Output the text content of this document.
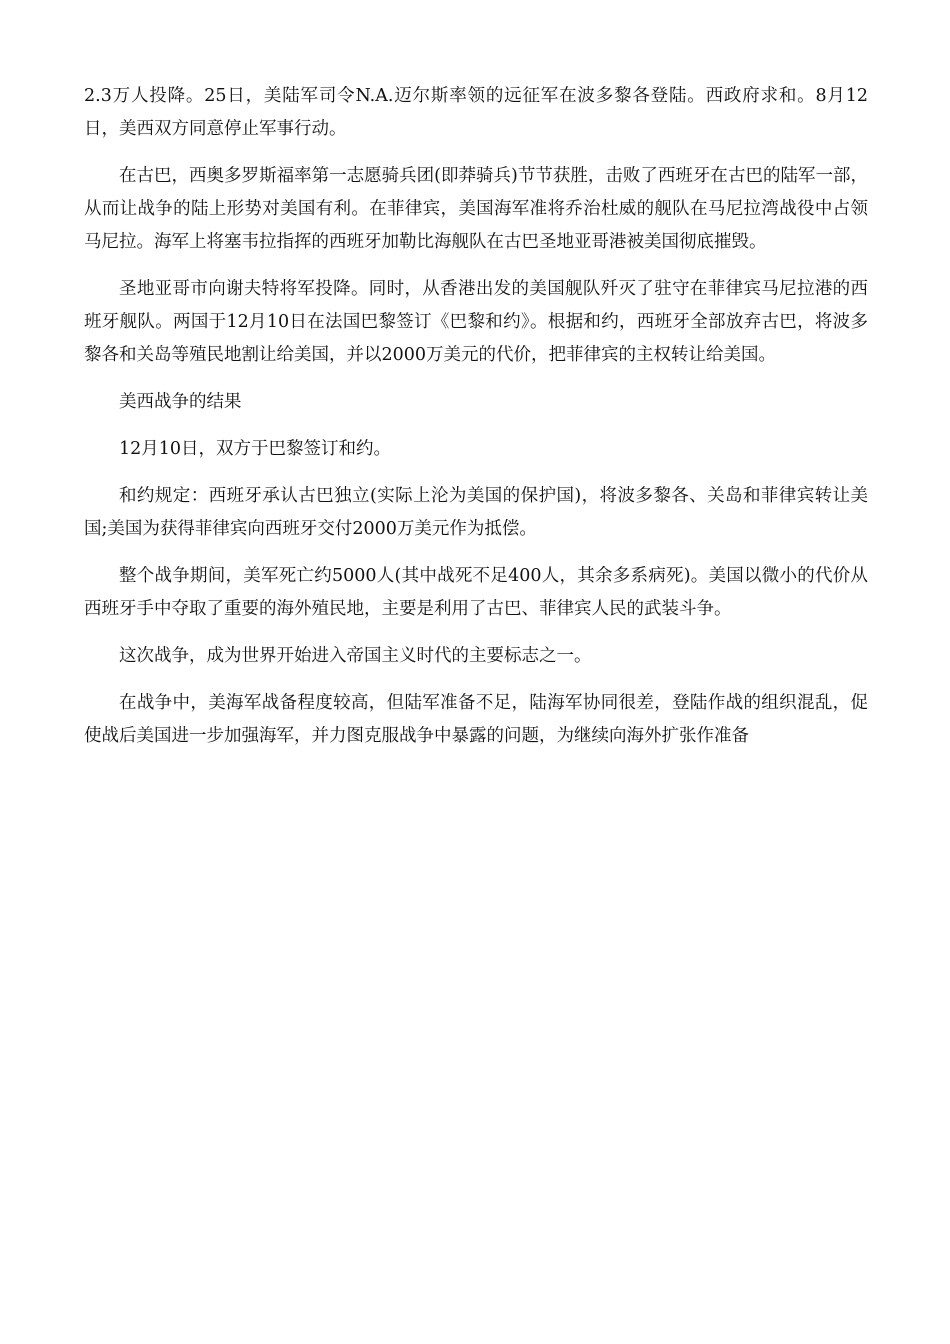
2.3万人投降。25日，美陆军司令N.A.迈尔斯率领的远征军在波多黎各登陆。西政府求和。8月12日，美西双方同意停止军事行动。

在古巴，西奥多罗斯福率第一志愿骑兵团(即莽骑兵)节节获胜，击败了西班牙在古巴的陆军一部，从而让战争的陆上形势对美国有利。在菲律宾，美国海军准将乔治杜威的舰队在马尼拉湾战役中占领马尼拉。海军上将塞韦拉指挥的西班牙加勒比海舰队在古巴圣地亚哥港被美国彻底摧毁。

圣地亚哥市向谢夫特将军投降。同时，从香港出发的美国舰队歼灭了驻守在菲律宾马尼拉港的西班牙舰队。两国于12月10日在法国巴黎签订《巴黎和约》。根据和约，西班牙全部放弃古巴，将波多黎各和关岛等殖民地割让给美国，并以2000万美元的代价，把菲律宾的主权转让给美国。

美西战争的结果

12月10日，双方于巴黎签订和约。

和约规定：西班牙承认古巴独立(实际上沦为美国的保护国)，将波多黎各、关岛和菲律宾转让美国;美国为获得菲律宾向西班牙交付2000万美元作为抵偿。

整个战争期间，美军死亡约5000人(其中战死不足400人，其余多系病死)。美国以微小的代价从西班牙手中夺取了重要的海外殖民地，主要是利用了古巴、菲律宾人民的武装斗争。

这次战争，成为世界开始进入帝国主义时代的主要标志之一。

在战争中，美海军战备程度较高，但陆军准备不足，陆海军协同很差，登陆作战的组织混乱，促使战后美国进一步加强海军，并力图克服战争中暴露的问题，为继续向海外扩张作准备
